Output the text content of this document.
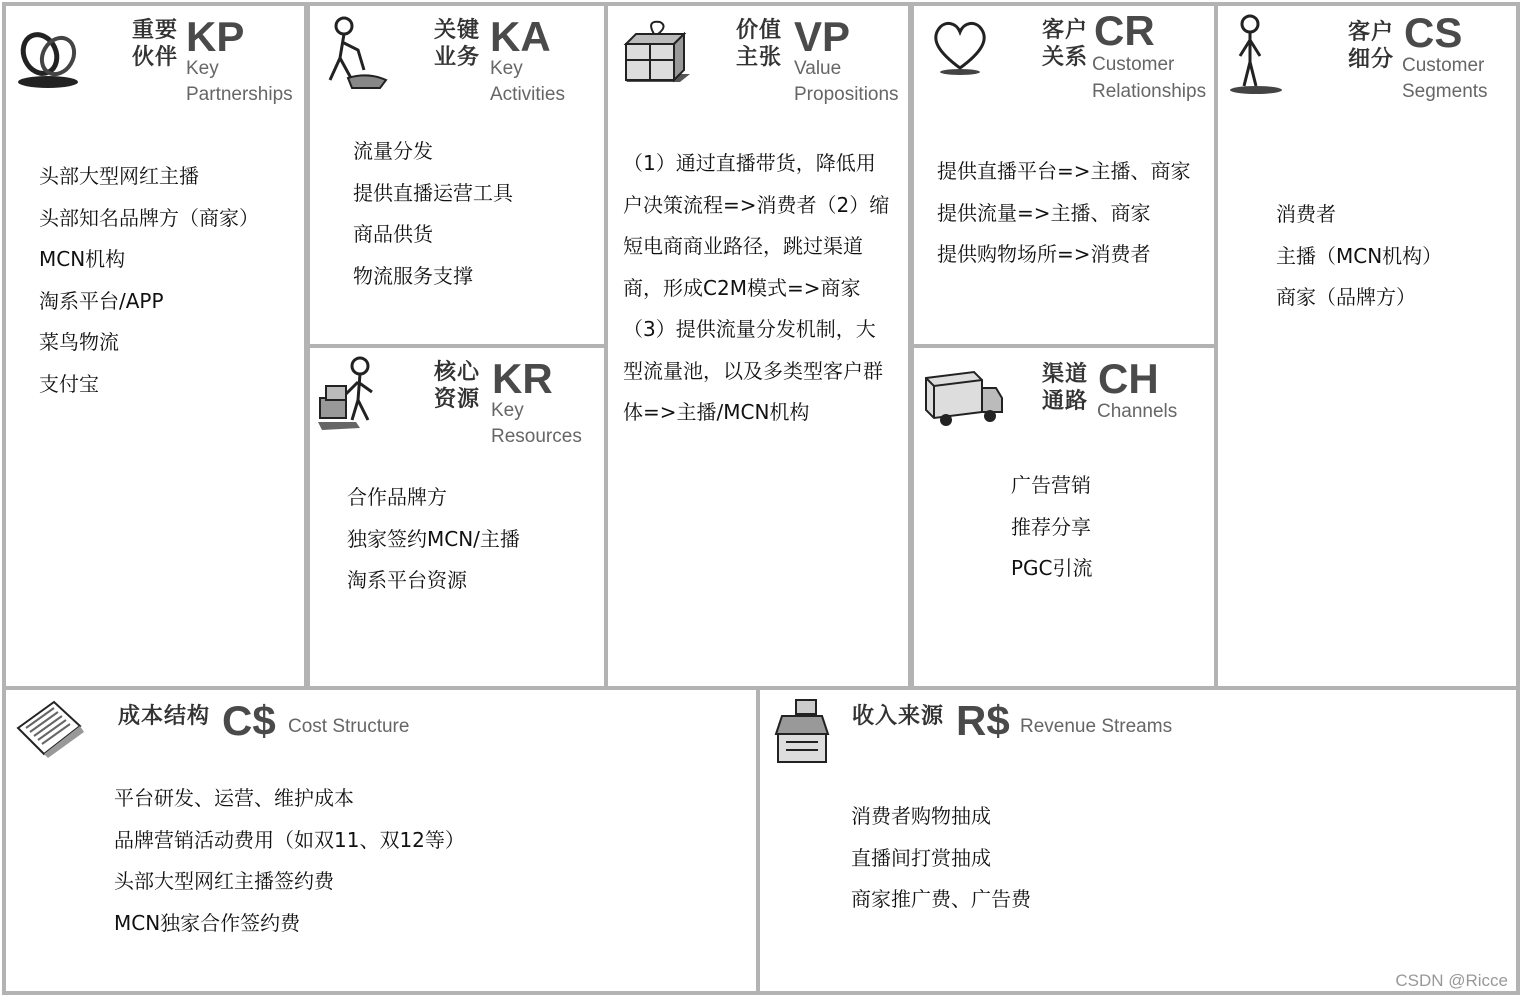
重要
伙伴 KP
Key
Partnerships
头部大型网红主播
头部知名品牌方（商家）
MCN机构
淘系平台/APP
菜鸟物流
支付宝
关键
业务 KA
Key
Activities
流量分发
提供直播运营工具
商品供货
物流服务支撑
核心
资源 KR
Key
Resources
合作品牌方
独家签约MCN/主播
淘系平台资源
价值
主张 VP
Value
Propositions
（1）通过直播带货，降低用户决策流程=>消费者（2）缩短电商商业路径，跳过渠道商，形成C2M模式=>商家（3）提供流量分发机制，大型流量池，以及多类型客户群体=>主播/MCN机构
客户
关系
CR
Customer
Relationships
提供直播平台=>主播、商家
提供流量=>主播、商家
提供购物场所=>消费者
渠道
通路 CH
Channels
广告营销
推荐分享
PGC引流
客户
细分
CS
Customer
Segments
消费者
主播（MCN机构）
商家（品牌方）
成本结构 C$ Cost Structure
平台研发、运营、维护成本
品牌营销活动费用（如双11、双12等）
头部大型网红主播签约费
MCN独家合作签约费
收入来源 R$ Revenue Streams
消费者购物抽成
直播间打赏抽成
商家推广费、广告费
CSDN @Ricce
